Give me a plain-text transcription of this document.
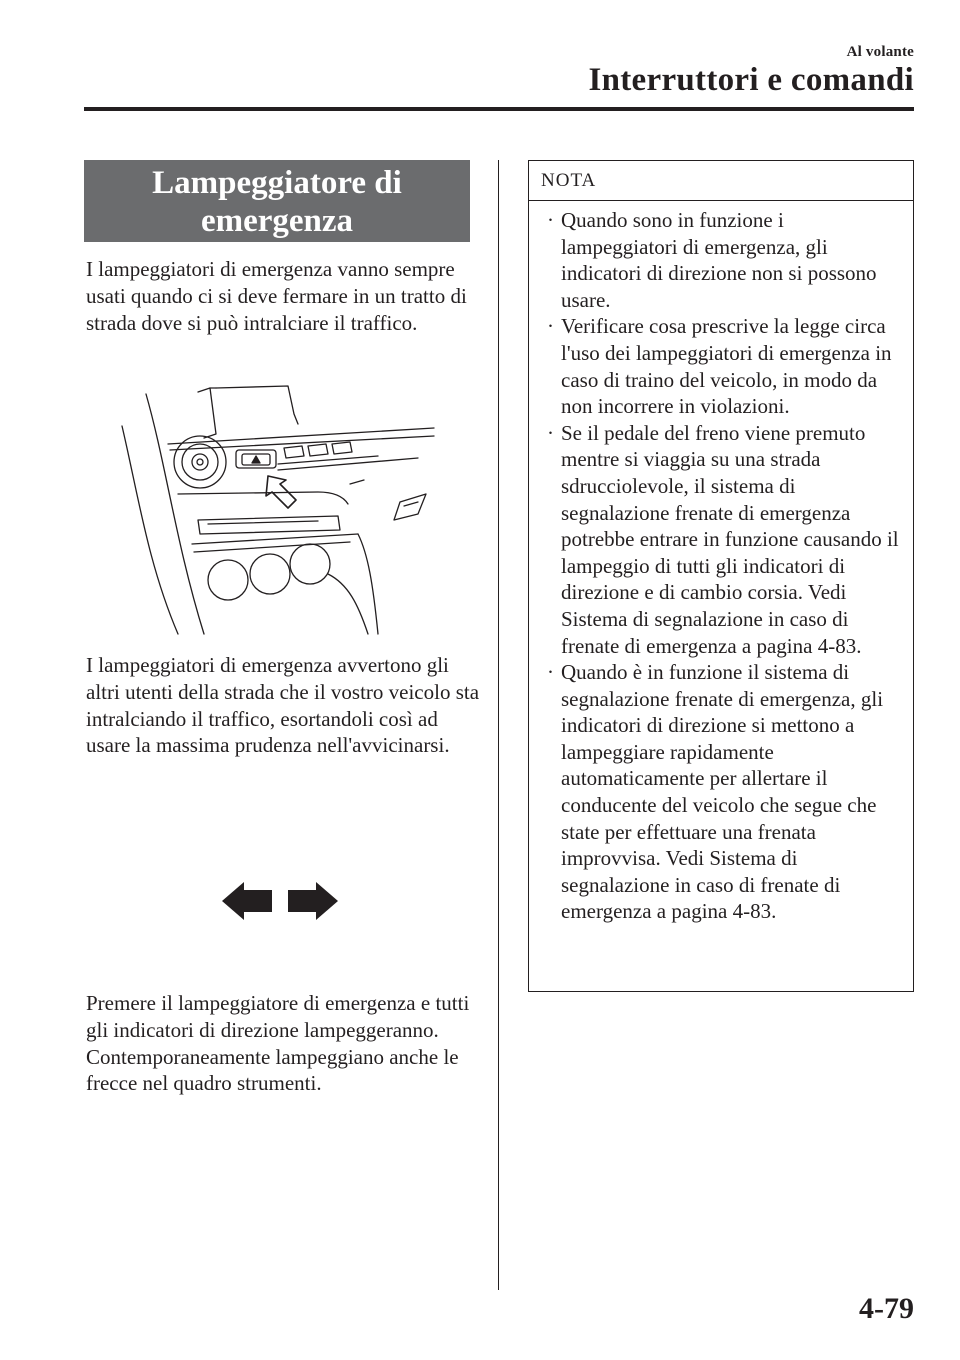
Al volante
Interruttori e comandi
Lampeggiatore di
emergenza

I lampeggiatori di emergenza vanno sempre usati quando ci si deve fermare in un tratto di strada dove si può intralciare il traffico.

I lampeggiatori di emergenza avvertono gli altri utenti della strada che il vostro veicolo sta intralciando il traffico, esortandoli così ad usare la massima prudenza nell'avvicinarsi.

Premere il lampeggiatore di emergenza e tutti gli indicatori di direzione lampeggeranno. Contemporaneamente lampeggiano anche le frecce nel quadro strumenti.

NOTA
· Quando sono in funzione i lampeggiatori di emergenza, gli indicatori di direzione non si possono usare.
· Verificare cosa prescrive la legge circa l'uso dei lampeggiatori di emergenza in caso di traino del veicolo, in modo da non incorrere in violazioni.
· Se il pedale del freno viene premuto mentre si viaggia su una strada sdrucciolevole, il sistema di segnalazione frenate di emergenza potrebbe entrare in funzione causando il lampeggio di tutti gli indicatori di direzione e di cambio corsia. Vedi Sistema di segnalazione in caso di frenate di emergenza a pagina 4-83.
· Quando è in funzione il sistema di segnalazione frenate di emergenza, gli indicatori di direzione si mettono a lampeggiare rapidamente automaticamente per allertare il conducente del veicolo che segue che state per effettuare una frenata improvvisa. Vedi Sistema di segnalazione in caso di frenate di emergenza a pagina 4-83.
4-79
